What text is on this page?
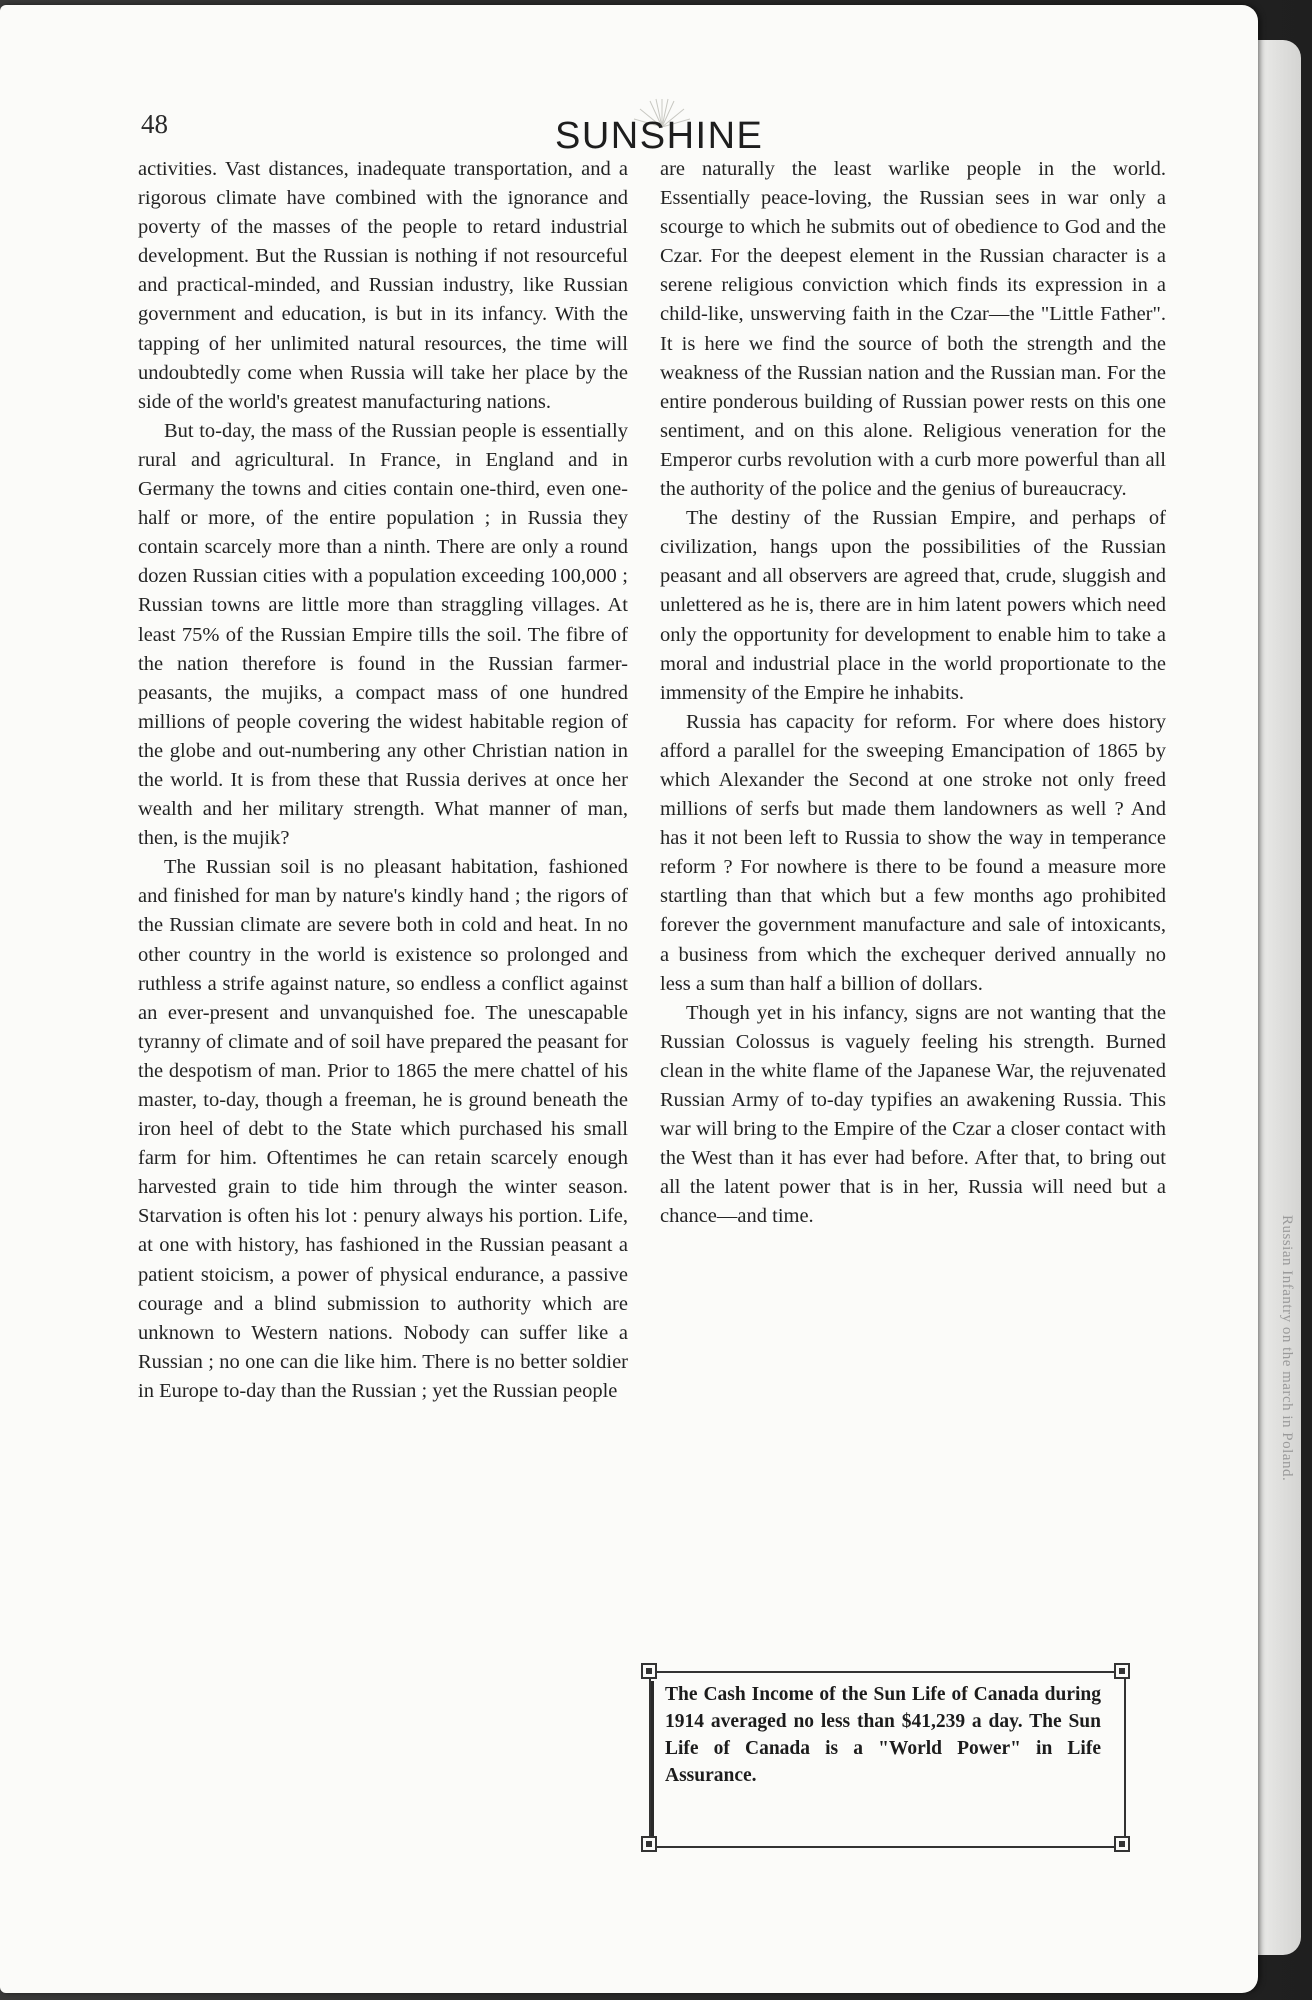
Russian Infantry on the march in Poland.
48	SUNSHINE

activities. Vast distances, inadequate transportation, and a rigorous climate have combined with the ignorance and poverty of the masses of the people to retard industrial development. But the Russian is nothing if not resourceful and practical-minded, and Russian industry, like Russian government and education, is but in its infancy. With the tapping of her unlimited natural resources, the time will undoubtedly come when Russia will take her place by the side of the world's greatest manufacturing nations.

But to-day, the mass of the Russian people is essentially rural and agricultural. In France, in England and in Germany the towns and cities contain one-third, even one-half or more, of the entire population ; in Russia they contain scarcely more than a ninth. There are only a round dozen Russian cities with a population exceeding 100,000 ; Russian towns are little more than straggling villages. At least 75% of the Russian Empire tills the soil. The fibre of the nation therefore is found in the Russian farmer-peasants, the mujiks, a compact mass of one hundred millions of people covering the widest habitable region of the globe and out-numbering any other Christian nation in the world. It is from these that Russia derives at once her wealth and her military strength. What manner of man, then, is the mujik?

The Russian soil is no pleasant habitation, fashioned and finished for man by nature's kindly hand ; the rigors of the Russian climate are severe both in cold and heat. In no other country in the world is existence so prolonged and ruthless a strife against nature, so endless a conflict against an ever-present and unvanquished foe. The unescapable tyranny of climate and of soil have prepared the peasant for the despotism of man. Prior to 1865 the mere chattel of his master, to-day, though a freeman, he is ground beneath the iron heel of debt to the State which purchased his small farm for him. Oftentimes he can retain scarcely enough harvested grain to tide him through the winter season. Starvation is often his lot : penury always his portion. Life, at one with history, has fashioned in the Russian peasant a patient stoicism, a power of physical endurance, a passive courage and a blind submission to authority which are unknown to Western nations. Nobody can suffer like a Russian ; no one can die like him. There is no better soldier in Europe to-day than the Russian ; yet the Russian people

are naturally the least warlike people in the world. Essentially peace-loving, the Russian sees in war only a scourge to which he submits out of obedience to God and the Czar. For the deepest element in the Russian character is a serene religious conviction which finds its expression in a child-like, unswerving faith in the Czar—the "Little Father". It is here we find the source of both the strength and the weakness of the Russian nation and the Russian man. For the entire ponderous building of Russian power rests on this one sentiment, and on this alone. Religious veneration for the Emperor curbs revolution with a curb more powerful than all the authority of the police and the genius of bureaucracy.

The destiny of the Russian Empire, and perhaps of civilization, hangs upon the possibilities of the Russian peasant and all observers are agreed that, crude, sluggish and unlettered as he is, there are in him latent powers which need only the opportunity for development to enable him to take a moral and industrial place in the world proportionate to the immensity of the Empire he inhabits.

Russia has capacity for reform. For where does history afford a parallel for the sweeping Emancipation of 1865 by which Alexander the Second at one stroke not only freed millions of serfs but made them landowners as well ? And has it not been left to Russia to show the way in temperance reform ? For nowhere is there to be found a measure more startling than that which but a few months ago prohibited forever the government manufacture and sale of intoxicants, a business from which the exchequer derived annually no less a sum than half a billion of dollars.

Though yet in his infancy, signs are not wanting that the Russian Colossus is vaguely feeling his strength. Burned clean in the white flame of the Japanese War, the rejuvenated Russian Army of to-day typifies an awakening Russia. This war will bring to the Empire of the Czar a closer contact with the West than it has ever had before. After that, to bring out all the latent power that is in her, Russia will need but a chance—and time.

The Cash Income of the Sun Life of Canada during 1914 averaged no less than $41,239 a day. The Sun Life of Canada is a "World Power" in Life Assurance.
